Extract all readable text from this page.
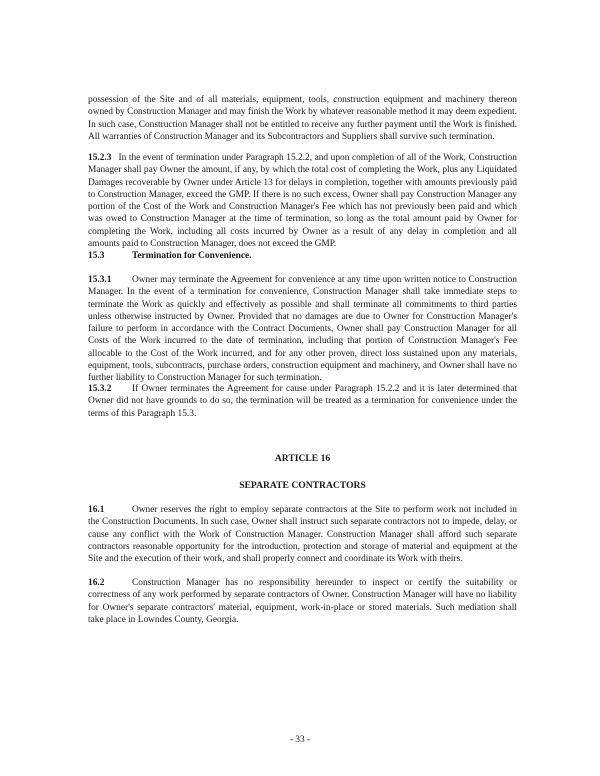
possession of the Site and of all materials, equipment, tools, construction equipment and machinery thereon owned by Construction Manager and may finish the Work by whatever reasonable method it may deem expedient. In such case, Construction Manager shall not be entitled to receive any further payment until the Work is finished. All warranties of Construction Manager and its Subcontractors and Suppliers shall survive such termination.
15.2.3 In the event of termination under Paragraph 15.2.2, and upon completion of all of the Work, Construction Manager shall pay Owner the amount, if any, by which the total cost of completing the Work, plus any Liquidated Damages recoverable by Owner under Article 13 for delays in completion, together with amounts previously paid to Construction Manager, exceed the GMP. If there is no such excess, Owner shall pay Construction Manager any portion of the Cost of the Work and Construction Manager's Fee which has not previously been paid and which was owed to Construction Manager at the time of termination, so long as the total amount paid by Owner for completing the Work, including all costs incurred by Owner as a result of any delay in completion and all amounts paid to Construction Manager, does not exceed the GMP.
15.3	Termination for Convenience.
15.3.1 Owner may terminate the Agreement for convenience at any time upon written notice to Construction Manager. In the event of a termination for convenience, Construction Manager shall take immediate steps to terminate the Work as quickly and effectively as possible and shall terminate all commitments to third parties unless otherwise instructed by Owner. Provided that no damages are due to Owner for Construction Manager's failure to perform in accordance with the Contract Documents, Owner shall pay Construction Manager for all Costs of the Work incurred to the date of termination, including that portion of Construction Manager's Fee allocable to the Cost of the Work incurred, and for any other proven, direct loss sustained upon any materials, equipment, tools, subcontracts, purchase orders, construction equipment and machinery, and Owner shall have no further liability to Construction Manager for such termination.
15.3.2 If Owner terminates the Agreement for cause under Paragraph 15.2.2 and it is later determined that Owner did not have grounds to do so, the termination will be treated as a termination for convenience under the terms of this Paragraph 15.3.
ARTICLE 16
SEPARATE CONTRACTORS
16.1	Owner reserves the right to employ separate contractors at the Site to perform work not included in the Construction Documents. In such case, Owner shall instruct such separate contractors not to impede, delay, or cause any conflict with the Work of Construction Manager. Construction Manager shall afford such separate contractors reasonable opportunity for the introduction, protection and storage of material and equipment at the Site and the execution of their work, and shall properly connect and coordinate its Work with theirs.
16.2	Construction Manager has no responsibility hereunder to inspect or certify the suitability or correctness of any work performed by separate contractors of Owner. Construction Manager will have no liability for Owner's separate contractors' material, equipment, work-in-place or stored materials. Such mediation shall take place in Lowndes County, Georgia.
- 33 -
